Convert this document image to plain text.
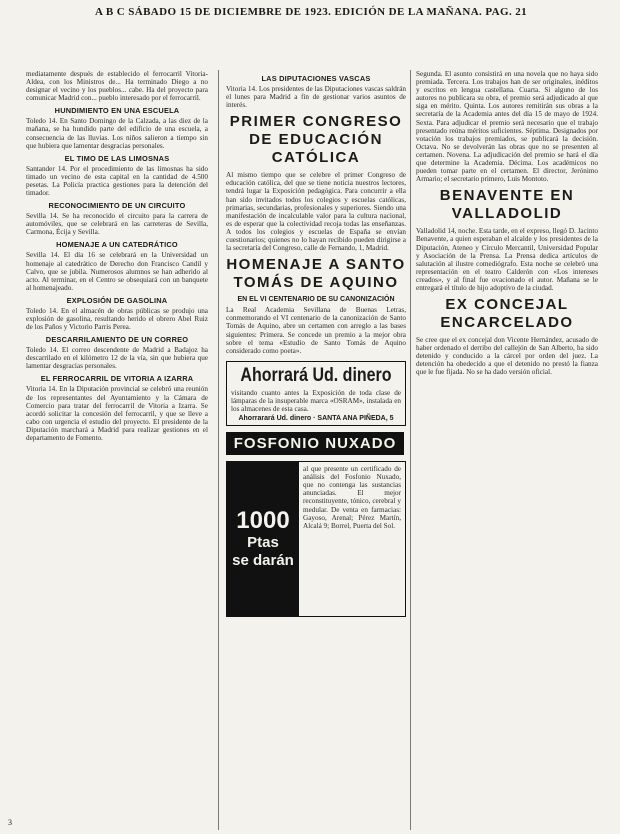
A B C SÁBADO 15 DE DICIEMBRE DE 1923. EDICIÓN DE LA MAÑANA. PAG. 21

mediatamente después de establecido el ferrocarril Vitoria-Aldea, con los Ministros de... Ha terminado Diego a no designar el vecino y los pueblos... cabe. Ha del proyecto para comunicar Madrid con... pueblo interesado por el ferrocarril.

HUNDIMIENTO EN UNA ESCUELA

Toledo 14. En Santo Domingo de la Calzada, a las diez de la mañana, se ha hundido parte del edificio de una escuela, a consecuencia de las lluvias. Los niños salieron a tiempo sin que hubiera que lamentar desgracias personales.

EL TIMO DE LAS LIMOSNAS

Santander 14. Por el procedimiento de las limosnas ha sido timado un vecino de esta capital en la cantidad de 4.500 pesetas. La Policía practica gestiones para la detención del timador.

RECONOCIMIENTO DE UN CIRCUITO

Sevilla 14. Se ha reconocido el circuito para la carrera de automóviles, que se celebrará en las carreteras de Sevilla, Carmona, Écija y Sevilla.

HOMENAJE A UN CATEDRÁTICO

Sevilla 14. El día 16 se celebrará en la Universidad un homenaje al catedrático de Derecho don Francisco Candil y Calvo, que se jubila. Numerosos alumnos se han adherido al acto. Al terminar, en el Centro se obsequiará con un banquete al homenajeado.

EXPLOSIÓN DE GASOLINA

Toledo 14. En el almacén de obras públicas se produjo una explosión de gasolina, resultando herido el obrero Abel Ruiz de los Paños y Victorio Parris Perea.

DESCARRILAMIENTO DE UN CORREO

Toledo 14. El correo descendente de Madrid a Badajoz ha descarrilado en el kilómetro 12 de la vía, sin que hubiera que lamentar desgracias personales.

EL FERROCARRIL DE VITORIA A IZARRA

Vitoria 14. En la Diputación provincial se celebró una reunión de los representantes del Ayuntamiento y la Cámara de Comercio para tratar del ferrocarril de Vitoria a Izarra. Se acordó solicitar la concesión del ferrocarril, y que se lleve a cabo con urgencia el estudio del proyecto. El presidente de la Diputación marchará a Madrid para realizar gestiones en el departamento de Fomento.

LAS DIPUTACIONES VASCAS

Vitoria 14. Los presidentes de las Diputaciones vascas saldrán el lunes para Madrid a fin de gestionar varios asuntos de interés.

PRIMER CONGRESO DE EDUCACIÓN CATÓLICA

Al mismo tiempo que se celebre el primer Congreso de educación católica, del que se tiene noticia nuestros lectores, tendrá lugar la Exposición pedagógica. Para concurrir a ella han sido invitados todos los colegios y escuelas católicas, primarias, secundarias, profesionales y superiores. Siendo una manifestación de incalculable valor para la cultura nacional, es de esperar que la colectividad recoja todas las enseñanzas. A todos los colegios y escuelas de España se envían cuestionarios; quienes no lo hayan recibido pueden dirigirse a la secretaría del Congreso, calle de Fernando, 1, Madrid.

HOMENAJE A SANTO TOMÁS DE AQUINO
EN EL VI CENTENARIO DE SU CANONIZACIÓN

La Real Academia Sevillana de Buenas Letras, conmemorando el VI centenario de la canonización de Santo Tomás de Aquino, abre un certamen con arreglo a las bases siguientes: Primera. Se concede un premio a la mejor obra sobre el tema «Estudio de Santo Tomás de Aquino considerado como poeta».

Ahorrará Ud. dinero

visitando cuanto antes la Exposición de toda clase de lámparas de la insuperable marca «OSRAM», instalada en los almacenes de esta casa.

Ahorrarará Ud. dinero · SANTA ANA PIÑEDA, 5
FOSFONIO NUXADO
1000
Ptas
se darán

al que presente un certificado de análisis del Fosfonio Nuxado, que no contenga las sustancias anunciadas. El mejor reconstituyente, tónico, cerebral y medular. De venta en farmacias: Gayoso, Arenal; Pérez Martín, Alcalá 9; Borrel, Puerta del Sol.

Segunda. El asunto consistirá en una novela que no haya sido premiada. Tercera. Los trabajos han de ser originales, inéditos y escritos en lengua castellana. Cuarta. Si alguno de los autores no publicara su obra, el premio será adjudicado al que siga en mérito. Quinta. Los autores remitirán sus obras a la secretaría de la Academia antes del día 15 de mayo de 1924. Sexta. Para adjudicar el premio será necesario que el trabajo presentado reúna méritos suficientes. Séptima. Designados por votación los trabajos premiados, se publicará la decisión. Octava. No se devolverán las obras que no se presenten al certamen. Novena. La adjudicación del premio se hará el día que determine la Academia. Décima. Los académicos no pueden tomar parte en el certamen. El director, Jerónimo Armario; el secretario primero, Luis Montoto.

BENAVENTE EN VALLADOLID

Valladolid 14, noche. Esta tarde, en el expreso, llegó D. Jacinto Benavente, a quien esperaban el alcalde y los presidentes de la Diputación, Ateneo y Círculo Mercantil, Universidad Popular y Asociación de la Prensa. La Prensa dedica artículos de salutación al ilustre comediógrafo. Esta noche se celebró una representación en el teatro Calderón con «Los intereses creados», y al final fue ovacionado el autor. Mañana se le entregará el título de hijo adoptivo de la ciudad.

EX CONCEJAL ENCARCELADO

Se cree que el ex concejal don Vicente Hernández, acusado de haber ordenado el derribo del callejón de San Alberto, ha sido detenido y conducido a la cárcel por orden del juez. La detención ha obedecido a que el detenido no prestó la fianza que le fue fijada. No se ha dado versión oficial.

3
